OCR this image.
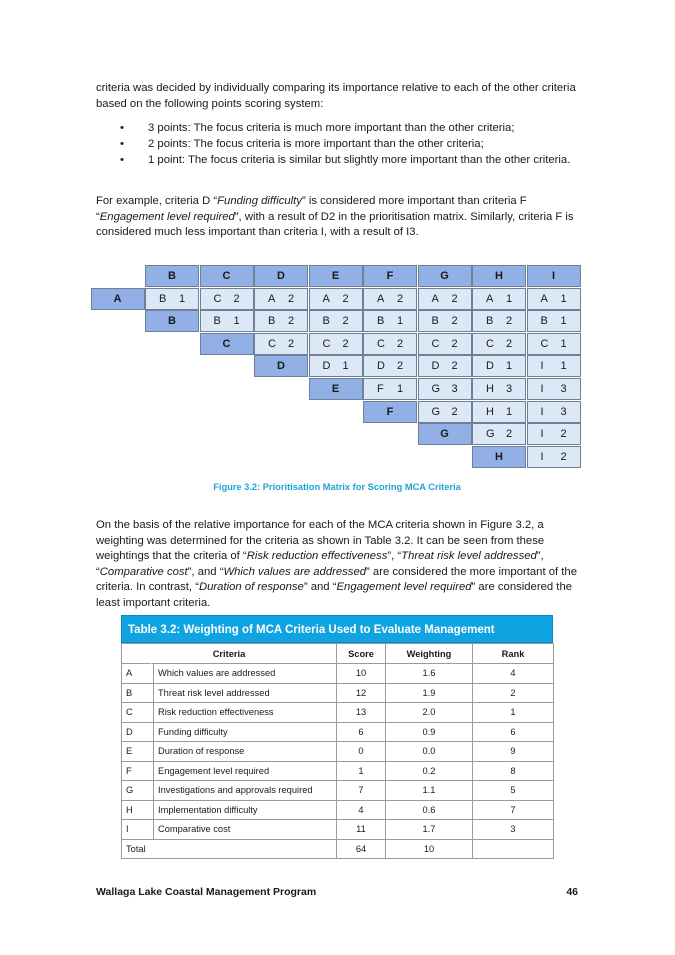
criteria was decided by individually comparing its importance relative to each of the other criteria based on the following points scoring system:

• 3 points: The focus criteria is much more important than the other criteria;
• 2 points: The focus criteria is more important than the other criteria;
• 1 point: The focus criteria is similar but slightly more important than the other criteria.

For example, criteria D “Funding difficulty” is considered more important than criteria F “Engagement level required”, with a result of D2 in the prioritisation matrix. Similarly, criteria F is considered much less important than criteria I, with a result of I3.

B	C	D	E	F	G	H	I
A	B 1	C 2	A 2	A 2	A 2	A 2	A 1	A 1
B	B 1	B 2	B 2	B 1	B 2	B 2	B 1
C	C 2	C 2	C 2	C 2	C 2	C 1
D	D 1	D 2	D 2	D 1	I 1
E	F 1	G 3	H 3	I 3
F	G 2	H 1	I 3
G	G 2	I 2
H	I 2
Figure 3.2: Prioritisation Matrix for Scoring MCA Criteria

On the basis of the relative importance for each of the MCA criteria shown in Figure 3.2, a weighting was determined for the criteria as shown in Table 3.2. It can be seen from these weightings that the criteria of “Risk reduction effectiveness”, “Threat risk level addressed”, “Comparative cost”, and “Which values are addressed” are considered the more important of the criteria. In contrast, “Duration of response” and “Engagement level required” are considered the least important criteria.

Table 3.2: Weighting of MCA Criteria Used to Evaluate Management Responses	Criteria		Score	Weighting	Rank
A	Which values are addressed	10	1.6	4
B	Threat risk level addressed	12	1.9	2
C	Risk reduction effectiveness	13	2.0	1
D	Funding difficulty	6	0.9	6
E	Duration of response	0	0.0	9
F	Engagement level required	1	0.2	8
G	Investigations and approvals required	7	1.1	5
H	Implementation difficulty	4	0.6	7
I	Comparative cost	11	1.7	3
Total		64	10	
Wallaga Lake Coastal Management Program	46
